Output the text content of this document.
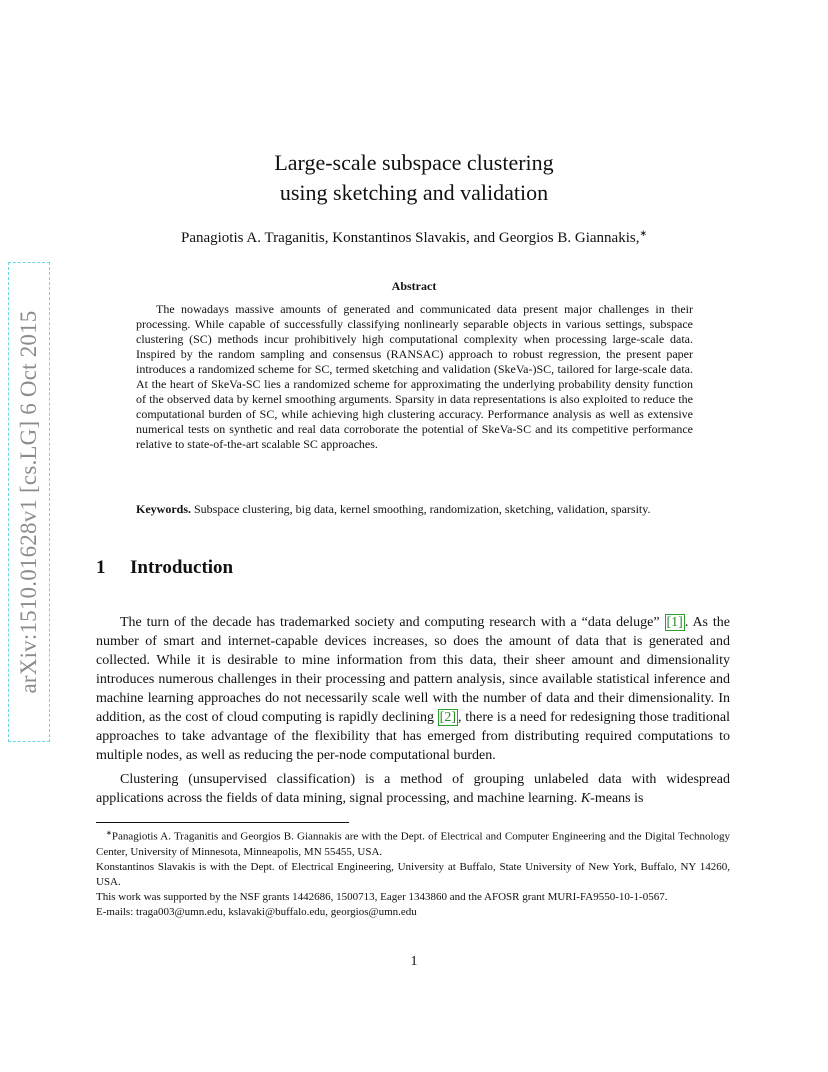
arXiv:1510.01628v1 [cs.LG] 6 Oct 2015
Large-scale subspace clustering
using sketching and validation
Panagiotis A. Traganitis, Konstantinos Slavakis, and Georgios B. Giannakis,∗
Abstract

The nowadays massive amounts of generated and communicated data present major challenges in their processing. While capable of successfully classifying nonlinearly separable objects in various settings, subspace clustering (SC) methods incur prohibitively high computational complexity when processing large-scale data. Inspired by the random sampling and consensus (RANSAC) approach to robust regression, the present paper introduces a randomized scheme for SC, termed sketching and validation (SkeVa-)SC, tailored for large-scale data. At the heart of SkeVa-SC lies a randomized scheme for approximating the underlying probability density function of the observed data by kernel smoothing arguments. Sparsity in data representations is also exploited to reduce the computational burden of SC, while achieving high clustering accuracy. Performance analysis as well as extensive numerical tests on synthetic and real data corroborate the potential of SkeVa-SC and its competitive performance relative to state-of-the-art scalable SC approaches.

Keywords. Subspace clustering, big data, kernel smoothing, randomization, sketching, validation, sparsity.

1 Introduction

The turn of the decade has trademarked society and computing research with a “data deluge” [1] . As the number of smart and internet-capable devices increases, so does the amount of data that is generated and collected. While it is desirable to mine information from this data, their sheer amount and dimensionality introduces numerous challenges in their processing and pattern analysis, since available statistical inference and machine learning approaches do not necessarily scale well with the number of data and their dimensionality. In addition, as the cost of cloud computing is rapidly declining [2] , there is a need for redesigning those traditional approaches to take advantage of the flexibility that has emerged from distributing required computations to multiple nodes, as well as reducing the per-node computational burden.

Clustering (unsupervised classification) is a method of grouping unlabeled data with widespread applications across the fields of data mining, signal processing, and machine learning. K-means is

∗Panagiotis A. Traganitis and Georgios B. Giannakis are with the Dept. of Electrical and Computer Engineering and the Digital Technology Center, University of Minnesota, Minneapolis, MN 55455, USA.

Konstantinos Slavakis is with the Dept. of Electrical Engineering, University at Buffalo, State University of New York, Buffalo, NY 14260, USA.

This work was supported by the NSF grants 1442686, 1500713, Eager 1343860 and the AFOSR grant MURI-FA9550-10-1-0567.

E-mails: traga003@umn.edu, kslavaki@buffalo.edu, georgios@umn.edu

1
